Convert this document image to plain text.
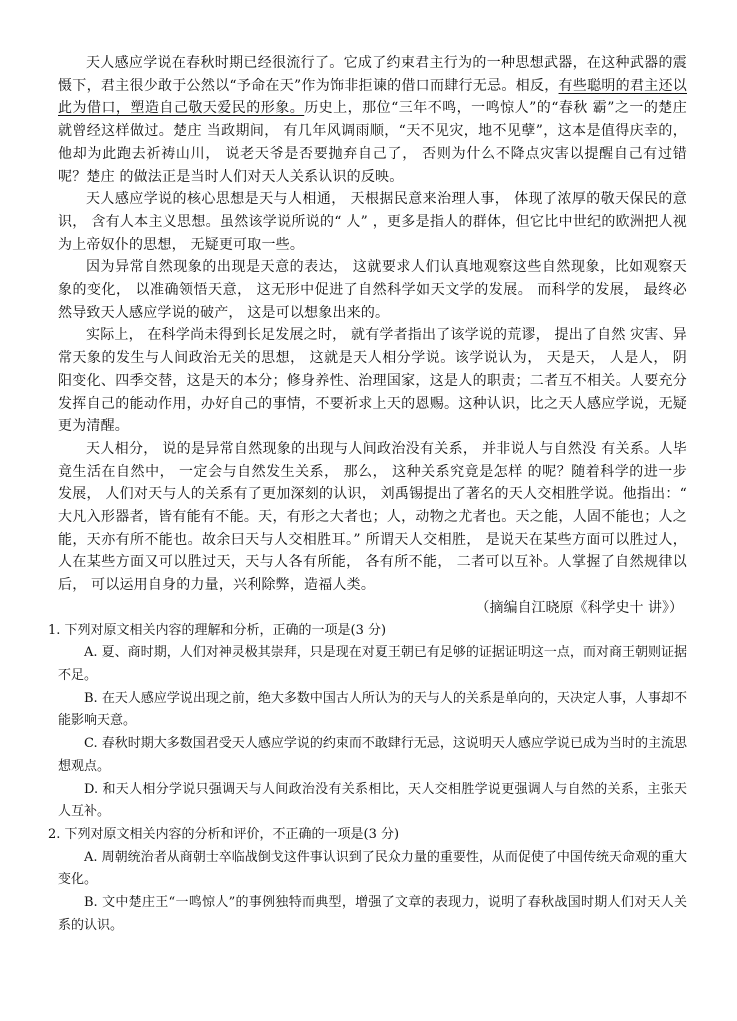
天人感应学说在春秋时期已经很流行了。它成了约束君主行为的一种思想武器，在这种武器的震慑下，君主很少敢于公然以“予命在天”作为饰非拒谏的借口而肆行无忌。相反，有些聪明的君主还以此为借口，塑造自己敬天爱民的形象。历史上，那位“三年不鸣，一鸣惊人”的“春秋 霸”之一的楚庄 就曾经这样做过。楚庄 当政期间， 有几年风调雨顺，“天不见灾，地不见孽”，这本是值得庆幸的， 他却为此跑去祈祷山川， 说老天爷是否要抛弃自己了， 否则为什么不降点灾害以提醒自己有过错呢？楚庄 的做法正是当时人们对天人关系认识的反映。

天人感应学说的核心思想是天与人相通， 天根据民意来治理人事， 体现了浓厚的敬天保民的意识， 含有人本主义思想。虽然该学说所说的“ 人” ，更多是指人的群体，但它比中世纪的欧洲把人视为上帝奴仆的思想， 无疑更可取一些。

因为异常自然现象的出现是天意的表达， 这就要求人们认真地观察这些自然现象，比如观察天象的变化， 以准确领悟天意， 这无形中促进了自然科学如天文学的发展。 而科学的发展， 最终必然导致天人感应学说的破产， 这是可以想象出来的。

实际上， 在科学尚未得到长足发展之时， 就有学者指出了该学说的荒谬， 提出了自然 灾害、异常天象的发生与人间政治无关的思想， 这就是天人相分学说。该学说认为， 天是天， 人是人， 阴阳变化、四季交替，这是天的本分；修身养性、治理国家，这是人的职责；二者互不相关。人要充分发挥自己的能动作用，办好自己的事情，不要祈求上天的恩赐。这种认识，比之天人感应学说，无疑更为清醒。

天人相分， 说的是异常自然现象的出现与人间政治没有关系， 并非说人与自然没 有关系。人毕竟生活在自然中， 一定会与自然发生关系， 那么， 这种关系究竟是怎样 的呢？随着科学的进一步发展， 人们对天与人的关系有了更加深刻的认识， 刘禹锡提出了著名的天人交相胜学说。他指出：“ 大凡入形器者，皆有能有不能。天，有形之大者也；人，动物之尤者也。天之能，人固不能也；人之能，天亦有所不能也。故余曰天与人交相胜耳。” 所谓天人交相胜， 是说天在某些方面可以胜过人， 人在某些方面又可以胜过天，天与人各有所能， 各有所不能， 二者可以互补。人掌握了自然规律以后， 可以运用自身的力量，兴利除弊，造福人类。

（摘编自江晓原《科学史十 讲》）

1. 下列对原文相关内容的理解和分析，正确的一项是(3 分)

A. 夏、商时期，人们对神灵极其崇拜，只是现在对夏王朝已有足够的证据证明这一点，而对商王朝则证据不足。

B. 在天人感应学说出现之前，绝大多数中国古人所认为的天与人的关系是单向的，天决定人事，人事却不能影响天意。

C. 春秋时期大多数国君受天人感应学说的约束而不敢肆行无忌，这说明天人感应学说已成为当时的主流思想观点。

D. 和天人相分学说只强调天与人间政治没有关系相比，天人交相胜学说更强调人与自然的关系，主张天人互补。

2. 下列对原文相关内容的分析和评价，不正确的一项是(3 分)

A. 周朝统治者从商朝士卒临战倒戈这件事认识到了民众力量的重要性，从而促使了中国传统天命观的重大变化。

B. 文中楚庄王“一鸣惊人”的事例独特而典型，增强了文章的表现力，说明了春秋战国时期人们对天人关系的认识。
